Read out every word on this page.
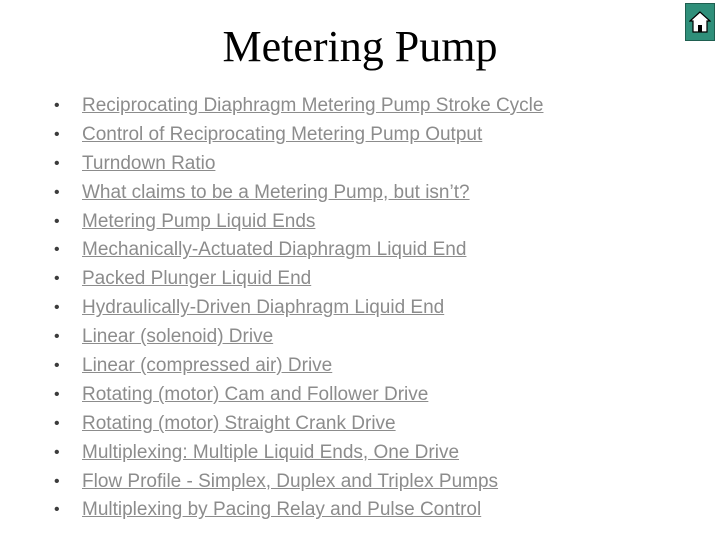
Metering Pump
• Reciprocating Diaphragm Metering Pump Stroke Cycle
• Control of Reciprocating Metering Pump Output
• Turndown Ratio
• What claims to be a Metering Pump, but isn’t?
• Metering Pump Liquid Ends
• Mechanically-Actuated Diaphragm Liquid End
• Packed Plunger Liquid End
• Hydraulically-Driven Diaphragm Liquid End
• Linear (solenoid) Drive
• Linear (compressed air) Drive
• Rotating (motor) Cam and Follower Drive
• Rotating (motor) Straight Crank Drive
• Multiplexing: Multiple Liquid Ends, One Drive
• Flow Profile - Simplex, Duplex and Triplex Pumps
• Multiplexing by Pacing Relay and Pulse Control
